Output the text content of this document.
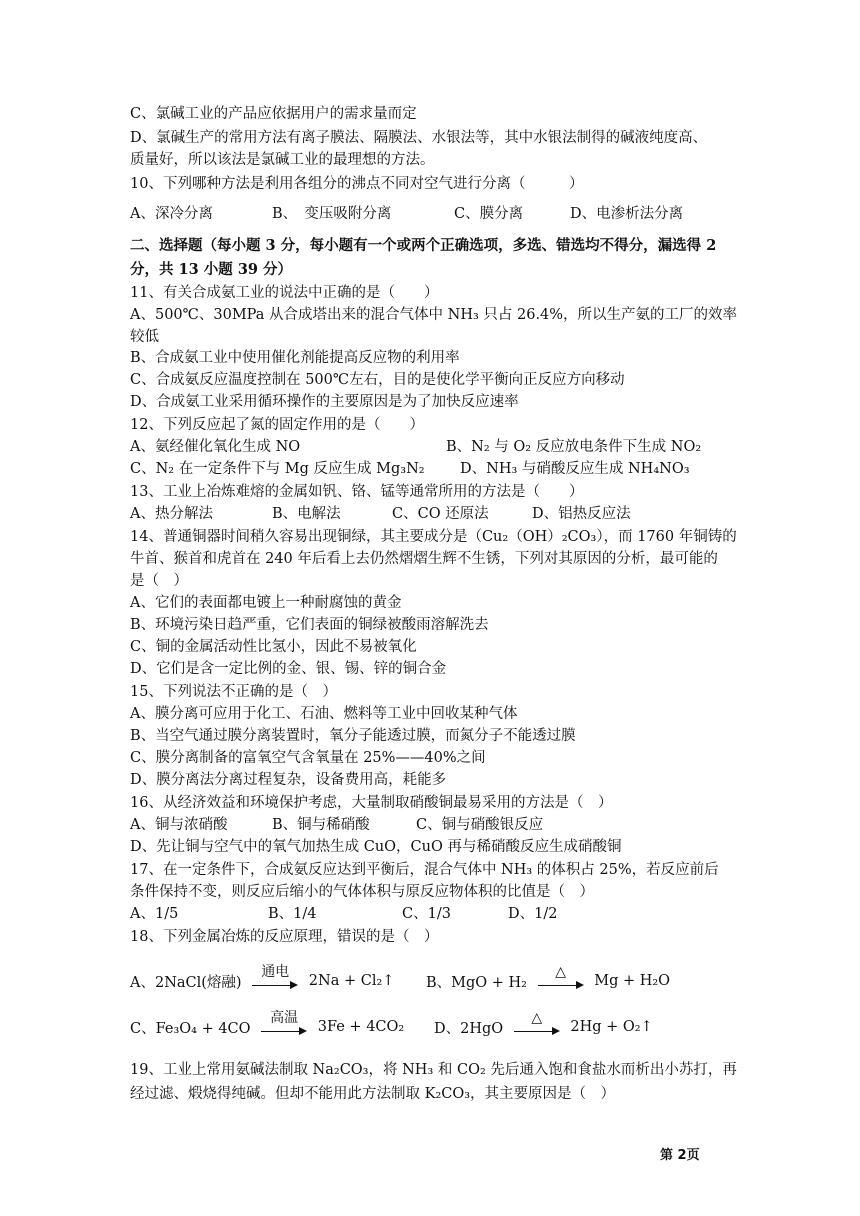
C、氯碱工业的产品应依据用户的需求量而定
D、氯碱生产的常用方法有离子膜法、隔膜法、水银法等，其中水银法制得的碱液纯度高、
质量好，所以该法是氯碱工业的最理想的方法。
10、下列哪种方法是利用各组分的沸点不同对空气进行分离（　　　）
A、深冷分离	B、　变压吸附分离	C、膜分离	D、电渗析法分离
二、选择题（每小题 3 分，每小题有一个或两个正确选项，多选、错选均不得分，漏选得 2
分，共 13 小题 39 分）
11、有关合成氨工业的说法中正确的是（　　）
A、500℃、30MPa 从合成塔出来的混合气体中 NH₃ 只占 26.4%，所以生产氨的工厂的效率
较低
B、合成氨工业中使用催化剂能提高反应物的利用率
C、合成氨反应温度控制在 500℃左右，目的是使化学平衡向正反应方向移动
D、合成氨工业采用循环操作的主要原因是为了加快反应速率
12、下列反应起了氮的固定作用的是（　　）
A、氨经催化氧化生成 NO	B、N₂ 与 O₂ 反应放电条件下生成 NO₂
C、N₂ 在一定条件下与 Mg 反应生成 Mg₃N₂ D、NH₃ 与硝酸反应生成 NH₄NO₃
13、工业上冶炼难熔的金属如钒、铬、锰等通常所用的方法是（　　）
A、热分解法	B、电解法	C、CO 还原法	D、铝热反应法
14、普通铜器时间稍久容易出现铜绿，其主要成分是（Cu₂（OH）₂CO₃），而 1760 年铜铸的
牛首、猴首和虎首在 240 年后看上去仍然熠熠生辉不生锈，下列对其原因的分析，最可能的
是（　）
A、它们的表面都电镀上一种耐腐蚀的黄金
B、环境污染日趋严重，它们表面的铜绿被酸雨溶解洗去
C、铜的金属活动性比氢小，因此不易被氧化
D、它们是含一定比例的金、银、锡、锌的铜合金
15、下列说法不正确的是（　）
A、膜分离可应用于化工、石油、燃料等工业中回收某种气体
B、当空气通过膜分离装置时，氧分子能透过膜，而氮分子不能透过膜
C、膜分离制备的富氧空气含氧量在 25%——40%之间
D、膜分离法分离过程复杂，设备费用高，耗能多
16、从经济效益和环境保护考虑，大量制取硝酸铜最易采用的方法是（　）
A、铜与浓硝酸	B、铜与稀硝酸	C、铜与硝酸银反应
D、先让铜与空气中的氧气加热生成 CuO，CuO 再与稀硝酸反应生成硝酸铜
17、在一定条件下，合成氨反应达到平衡后，混合气体中 NH₃ 的体积占 25%，若反应前后
条件保持不变，则反应后缩小的气体体积与原反应物体积的比值是（　）
A、1/5	B、1/4	C、1/3	D、1/2
18、下列金属冶炼的反应原理，错误的是（　）
A、2NaCl(熔融)
通电
2Na + Cl₂↑ B、MgO + H₂
△
Mg + H₂O
C、Fe₃O₄ + 4CO
高温
3Fe + 4CO₂ D、2HgO
△
2Hg + O₂↑
19、工业上常用氨碱法制取 Na₂CO₃，将 NH₃ 和 CO₂ 先后通入饱和食盐水而析出小苏打，再
经过滤、煅烧得纯碱。但却不能用此方法制取 K₂CO₃，其主要原因是（　）
第 2页
